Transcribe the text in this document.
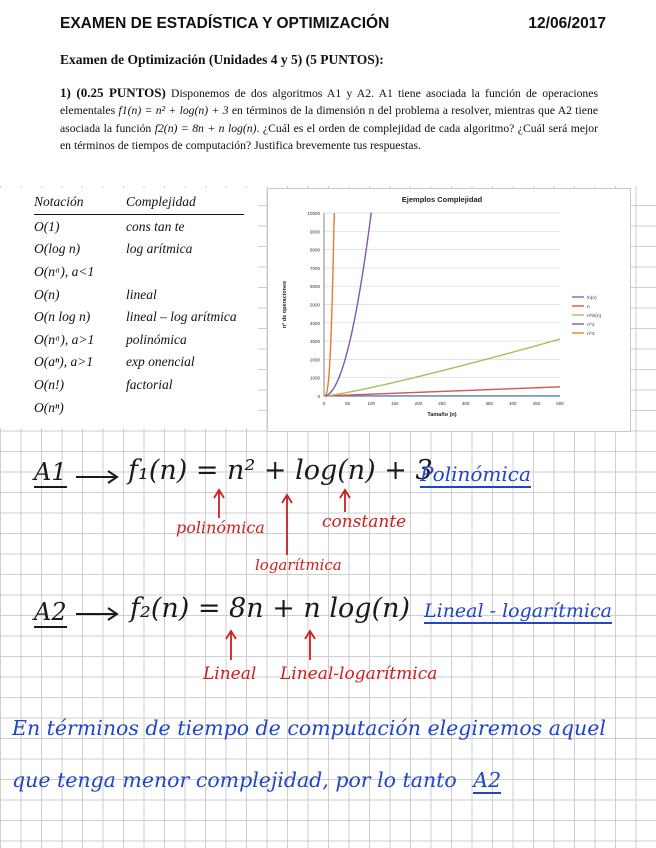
EXAMEN DE ESTADÍSTICA Y OPTIMIZACIÓN	12/06/2017
Examen de Optimización (Unidades 4 y 5) (5 PUNTOS):
1) (0.25 PUNTOS) Disponemos de dos algoritmos A1 y A2. A1 tiene asociada la función de operaciones elementales f1(n) = n² + log(n) + 3 en términos de la dimensión n del problema a resolver, mientras que A2 tiene asociada la función f2(n) = 8n + n log(n). ¿Cuál es el orden de complejidad de cada algoritmo? ¿Cuál será mejor en términos de tiempos de computación? Justifica brevemente tus respuestas.
Notación	Complejidad
O(1)	cons tan te
O(log n)	log arítmica
O(nᵅ), a<1
O(n)	lineal
O(n log n)	lineal – log arítmica
O(nᵅ), a>1	polinómica
O(aⁿ), a>1	exp onencial
O(n!)	factorial
O(nⁿ)
0
1000
2000
3000
4000
5000
6000
7000
8000
9000
10000
0	50	100	150	200	250	300	350	400	450	500
Ejemplos Complejidad
Tamaño (n)
nº de operaciones	ln(n)
n
n*ln(n)
n^2
n^3
A1 f₁(n) = n² + log(n) + 3
Polinómica
polinómica	constante
logarítmica
A2 f₂(n) = 8n + n log(n) Lineal - logarítmica
Lineal Lineal-logarítmica
En términos de tiempo de computación elegiremos aquel
que tenga menor complejidad, por lo tanto A2
